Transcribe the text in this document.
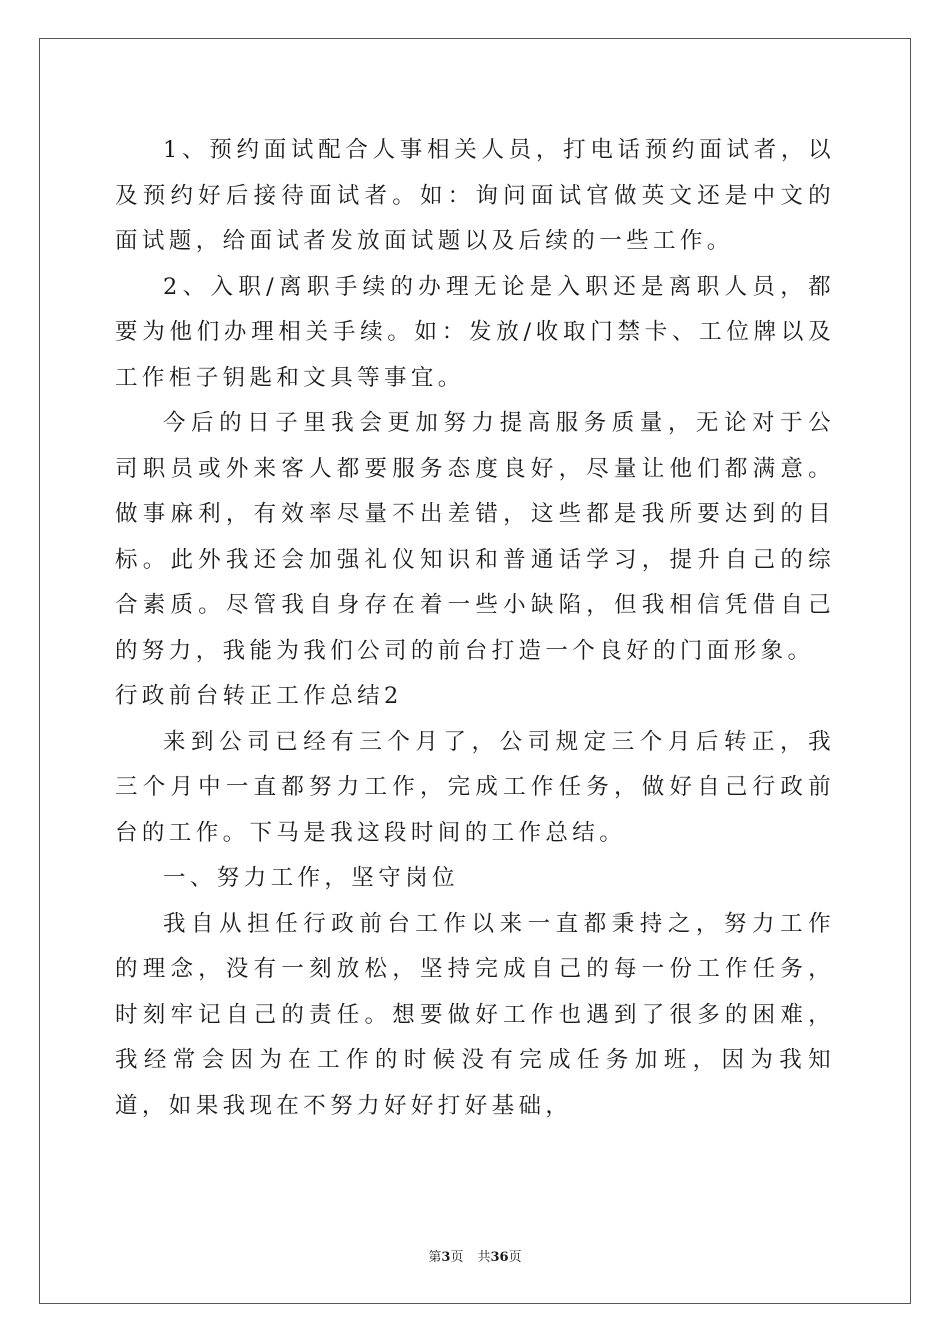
1、预约面试配合人事相关人员，打电话预约面试者，以及预约好后接待面试者。如：询问面试官做英文还是中文的面试题，给面试者发放面试题以及后续的一些工作。

2、入职/离职手续的办理无论是入职还是离职人员，都要为他们办理相关手续。如：发放/收取门禁卡、工位牌以及工作柜子钥匙和文具等事宜。

今后的日子里我会更加努力提高服务质量，无论对于公司职员或外来客人都要服务态度良好，尽量让他们都满意。做事麻利，有效率尽量不出差错，这些都是我所要达到的目标。此外我还会加强礼仪知识和普通话学习，提升自己的综合素质。尽管我自身存在着一些小缺陷，但我相信凭借自己的努力，我能为我们公司的前台打造一个良好的门面形象。

行政前台转正工作总结2

来到公司已经有三个月了，公司规定三个月后转正，我三个月中一直都努力工作，完成工作任务，做好自己行政前台的工作。下马是我这段时间的工作总结。

一、努力工作，坚守岗位

我自从担任行政前台工作以来一直都秉持之，努力工作的理念，没有一刻放松，坚持完成自己的每一份工作任务，时刻牢记自己的责任。想要做好工作也遇到了很多的困难，我经常会因为在工作的时候没有完成任务加班，因为我知道，如果我现在不努力好好打好基础，

第3页 共36页
